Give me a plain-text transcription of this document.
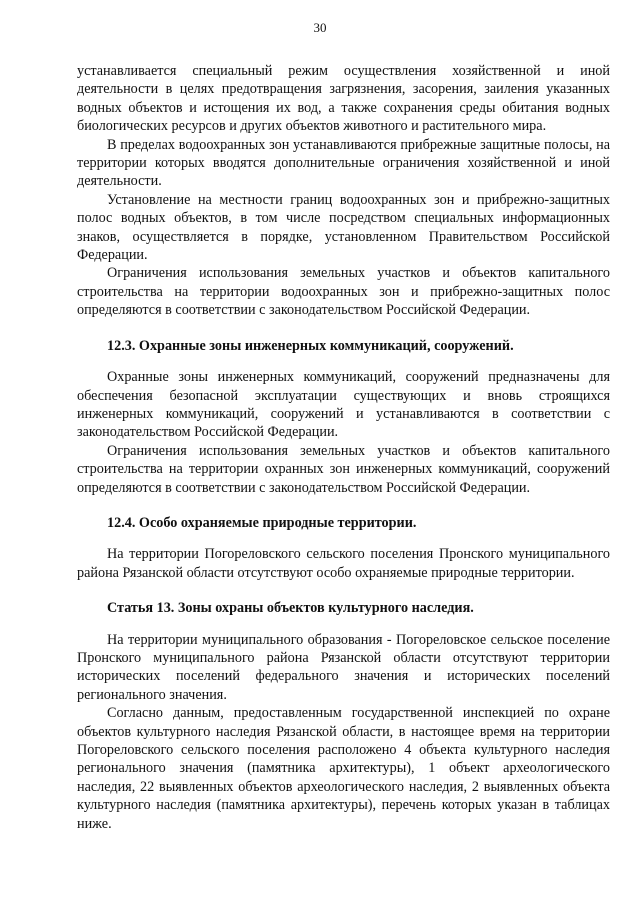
30

устанавливается специальный режим осуществления хозяйственной и иной деятельности в целях предотвращения загрязнения, засорения, заиления указанных водных объектов и истощения их вод, а также сохранения среды обитания водных биологических ресурсов и других объектов животного и растительного мира.

В пределах водоохранных зон устанавливаются прибрежные защитные полосы, на территории которых вводятся дополнительные ограничения хозяйственной и иной деятельности.

Установление на местности границ водоохранных зон и прибрежно-защитных полос водных объектов, в том числе посредством специальных информационных знаков, осуществляется в порядке, установленном Правительством Российской Федерации.

Ограничения использования земельных участков и объектов капитального строительства на территории водоохранных зон и прибрежно-защитных полос определяются в соответствии с законодательством Российской Федерации.

12.3. Охранные зоны инженерных коммуникаций, сооружений.

Охранные зоны инженерных коммуникаций, сооружений предназначены для обеспечения безопасной эксплуатации существующих и вновь строящихся инженерных коммуникаций, сооружений и устанавливаются в соответствии с законодательством Российской Федерации.

Ограничения использования земельных участков и объектов капитального строительства на территории охранных зон инженерных коммуникаций, сооружений определяются в соответствии с законодательством Российской Федерации.

12.4. Особо охраняемые природные территории.

На территории Погореловского сельского поселения Пронского муниципального района Рязанской области отсутствуют особо охраняемые природные территории.

Статья 13. Зоны охраны объектов культурного наследия.

На территории муниципального образования - Погореловское сельское поселение Пронского муниципального района Рязанской области отсутствуют территории исторических поселений федерального значения и исторических поселений регионального значения.

Согласно данным, предоставленным государственной инспекцией по охране объектов культурного наследия Рязанской области, в настоящее время на территории Погореловского сельского поселения расположено 4 объекта культурного наследия регионального значения (памятника архитектуры), 1 объект археологического наследия, 22 выявленных объектов археологического наследия, 2 выявленных объекта культурного наследия (памятника архитектуры), перечень которых указан в таблицах ниже.
